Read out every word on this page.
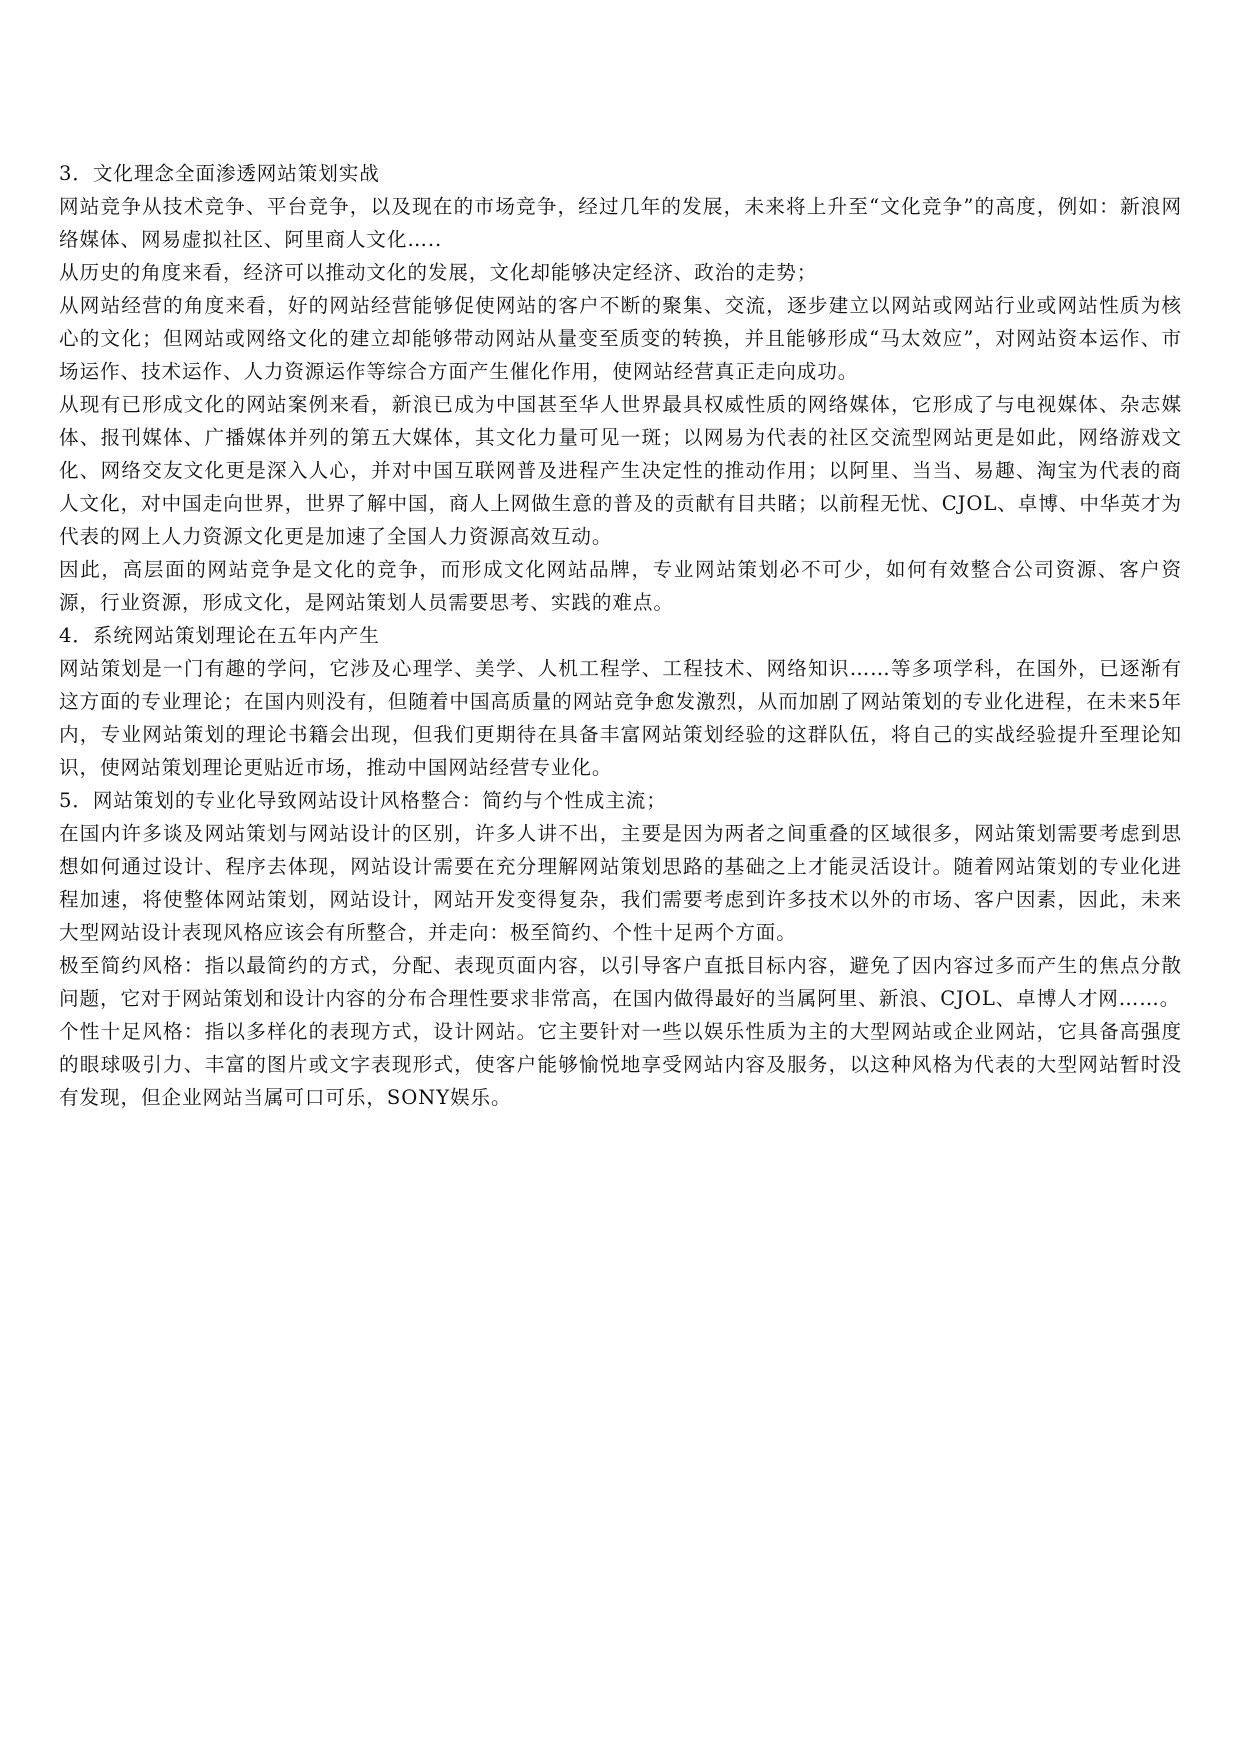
3．文化理念全面渗透网站策划实战

网站竞争从技术竞争、平台竞争，以及现在的市场竞争，经过几年的发展，未来将上升至“文化竞争”的高度，例如：新浪网络媒体、网易虚拟社区、阿里商人文化…..

从历史的角度来看，经济可以推动文化的发展，文化却能够决定经济、政治的走势；

从网站经营的角度来看，好的网站经营能够促使网站的客户不断的聚集、交流，逐步建立以网站或网站行业或网站性质为核心的文化；但网站或网络文化的建立却能够带动网站从量变至质变的转换，并且能够形成“马太效应”，对网站资本运作、市场运作、技术运作、人力资源运作等综合方面产生催化作用，使网站经营真正走向成功。

从现有已形成文化的网站案例来看，新浪已成为中国甚至华人世界最具权威性质的网络媒体，它形成了与电视媒体、杂志媒体、报刊媒体、广播媒体并列的第五大媒体，其文化力量可见一斑；以网易为代表的社区交流型网站更是如此，网络游戏文化、网络交友文化更是深入人心，并对中国互联网普及进程产生决定性的推动作用；以阿里、当当、易趣、淘宝为代表的商人文化，对中国走向世界，世界了解中国，商人上网做生意的普及的贡献有目共睹；以前程无忧、CJOL、卓博、中华英才为代表的网上人力资源文化更是加速了全国人力资源高效互动。

因此，高层面的网站竞争是文化的竞争，而形成文化网站品牌，专业网站策划必不可少，如何有效整合公司资源、客户资源，行业资源，形成文化，是网站策划人员需要思考、实践的难点。

4．系统网站策划理论在五年内产生

网站策划是一门有趣的学问，它涉及心理学、美学、人机工程学、工程技术、网络知识……等多项学科，在国外，已逐渐有这方面的专业理论；在国内则没有，但随着中国高质量的网站竞争愈发激烈，从而加剧了网站策划的专业化进程，在未来5年内，专业网站策划的理论书籍会出现，但我们更期待在具备丰富网站策划经验的这群队伍，将自己的实战经验提升至理论知识，使网站策划理论更贴近市场，推动中国网站经营专业化。

5．网站策划的专业化导致网站设计风格整合：简约与个性成主流；

在国内许多谈及网站策划与网站设计的区别，许多人讲不出，主要是因为两者之间重叠的区域很多，网站策划需要考虑到思想如何通过设计、程序去体现，网站设计需要在充分理解网站策划思路的基础之上才能灵活设计。随着网站策划的专业化进程加速，将使整体网站策划，网站设计，网站开发变得复杂，我们需要考虑到许多技术以外的市场、客户因素，因此，未来大型网站设计表现风格应该会有所整合，并走向：极至简约、个性十足两个方面。

极至简约风格：指以最简约的方式，分配、表现页面内容，以引导客户直抵目标内容，避免了因内容过多而产生的焦点分散问题，它对于网站策划和设计内容的分布合理性要求非常高，在国内做得最好的当属阿里、新浪、CJOL、卓博人才网……。

个性十足风格：指以多样化的表现方式，设计网站。它主要针对一些以娱乐性质为主的大型网站或企业网站，它具备高强度的眼球吸引力、丰富的图片或文字表现形式，使客户能够愉悦地享受网站内容及服务，以这种风格为代表的大型网站暂时没有发现，但企业网站当属可口可乐，SONY娱乐。
